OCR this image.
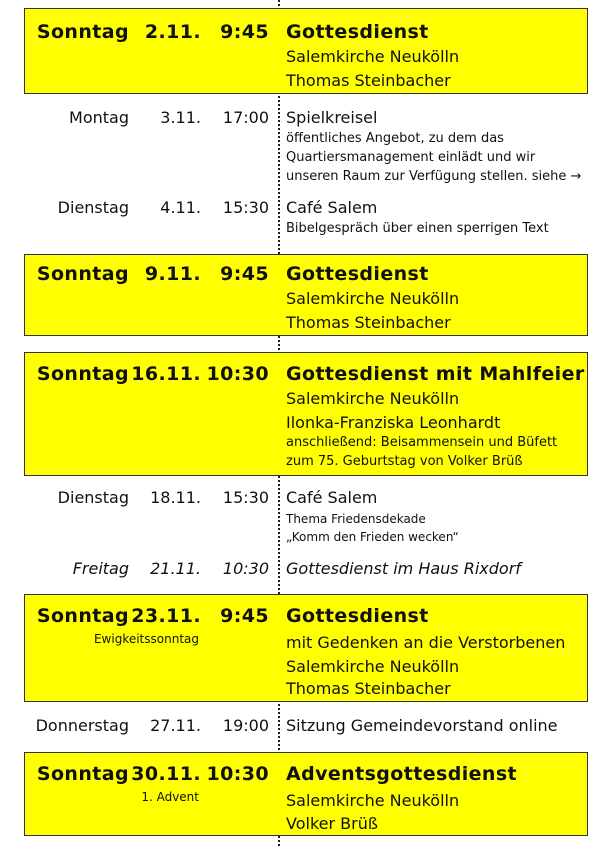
Sonntag 2.11. 9:45 Gottesdienst
Salemkirche Neukölln
Thomas Steinbacher
Montag 3.11. 17:00 Spielkreisel
öffentliches Angebot, zu dem das
Quartiersmanagement einlädt und wir
unseren Raum zur Verfügung stellen. siehe →
Dienstag 4.11. 15:30 Café Salem
Bibelgespräch über einen sperrigen Text
Sonntag 9.11. 9:45 Gottesdienst
Salemkirche Neukölln
Thomas Steinbacher
Sonntag 16.11. 10:30 Gottesdienst mit Mahlfeier
Salemkirche Neukölln
Ilonka-Franziska Leonhardt
anschließend: Beisammensein und Büfett
zum 75. Geburtstag von Volker Brüß
Dienstag 18.11. 15:30 Café Salem
Thema Friedensdekade
„Komm den Frieden wecken“
Freitag 21.11. 10:30 Gottesdienst im Haus Rixdorf
Sonntag 23.11. 9:45 Gottesdienst
Ewigkeitssonntag	mit Gedenken an die Verstorbenen
Salemkirche Neukölln
Thomas Steinbacher
Donnerstag 27.11. 19:00 Sitzung Gemeindevorstand online
Sonntag 30.11. 10:30 Adventsgottesdienst
1. Advent	Salemkirche Neukölln
Volker Brüß
